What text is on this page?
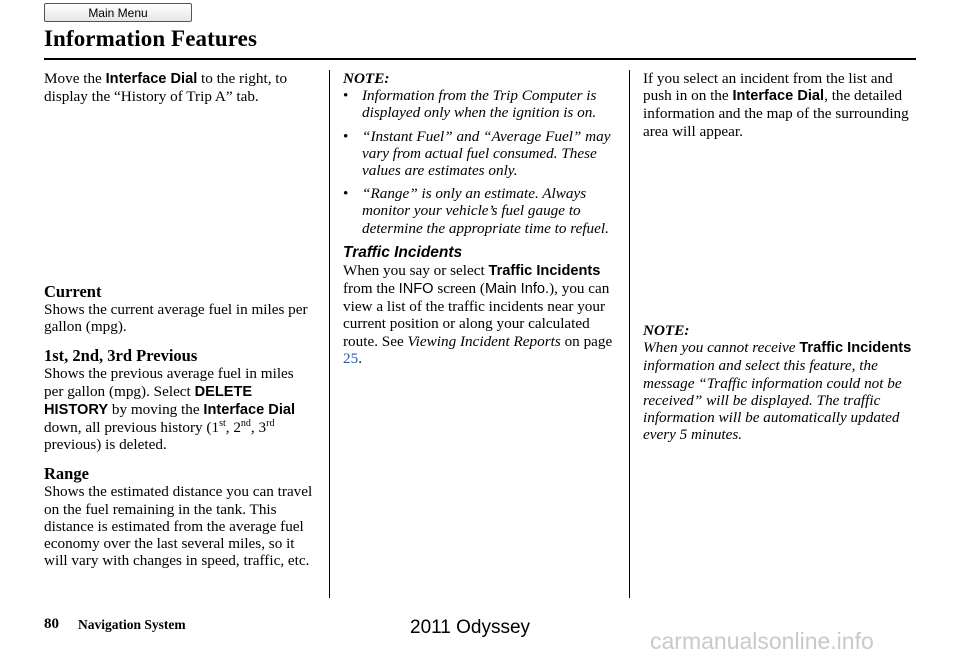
Main Menu
Information Features

Move the Interface Dial to the right, to display the “History of Trip A” tab.

Current

Shows the current average fuel in miles per gallon (mpg).

1st, 2nd, 3rd Previous

Shows the previous average fuel in miles per gallon (mpg). Select DELETE HISTORY by moving the Interface Dial down, all previous history (1st, 2nd, 3rd previous) is deleted.

Range

Shows the estimated distance you can travel on the fuel remaining in the tank. This distance is estimated from the average fuel economy over the last several miles, so it will vary with changes in speed, traffic, etc.

NOTE:

• Information from the Trip Computer is displayed only when the ignition is on.
• “Instant Fuel” and “Average Fuel” may vary from actual fuel consumed. These values are estimates only.
• “Range” is only an estimate. Always monitor your vehicle’s fuel gauge to determine the appropriate time to refuel.
Traffic Incidents

When you say or select Traffic Incidents from the INFO screen (Main Info.), you can view a list of the traffic incidents near your current position or along your calculated route. See Viewing Incident Reports on page 25.

If you select an incident from the list and push in on the Interface Dial, the detailed information and the map of the surrounding area will appear.

NOTE:

When you cannot receive Traffic Incidents information and select this feature, the message “Traffic information could not be received” will be displayed. The traffic information will be automatically updated every 5 minutes.

80 Navigation System	2011 Odyssey
carmanualsonline.info
